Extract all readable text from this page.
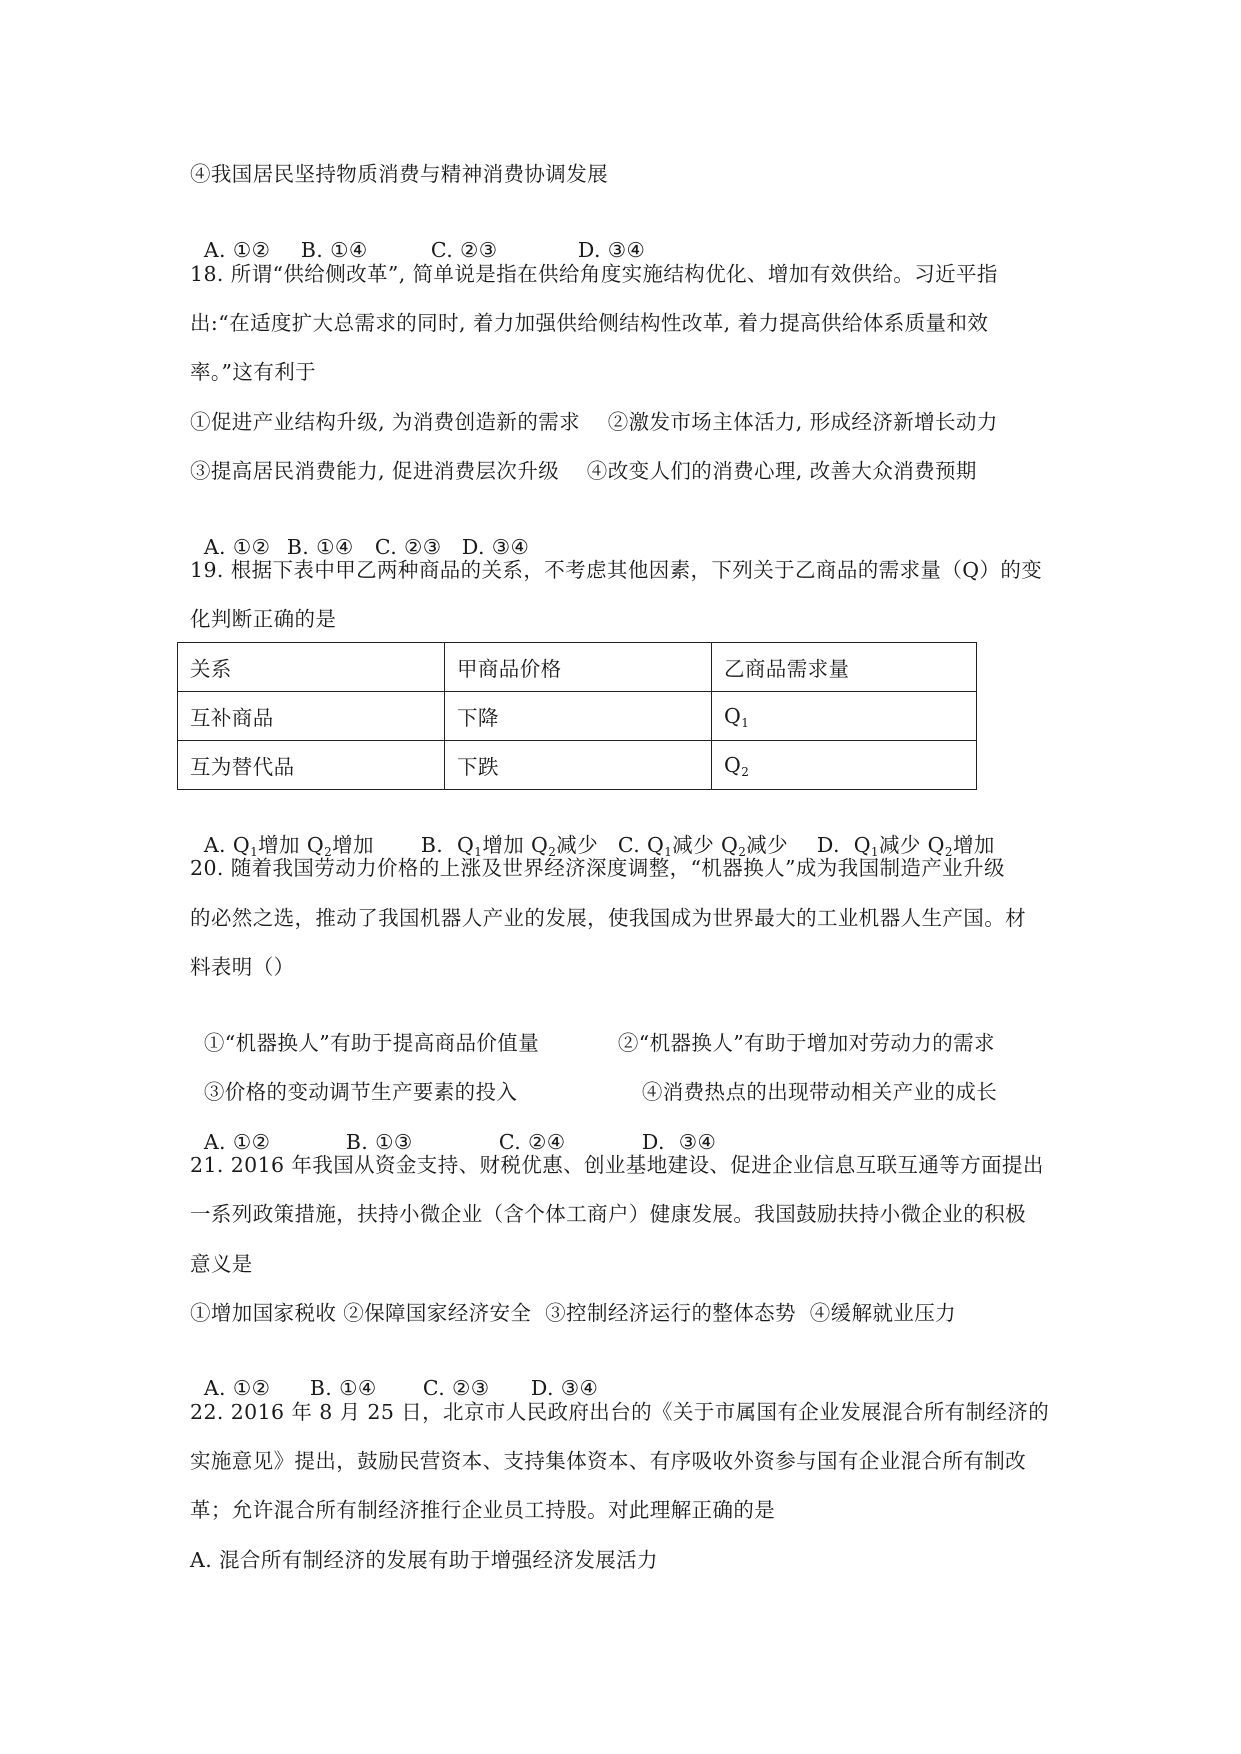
④我国居民坚持物质消费与精神消费协调发展

A. ①② B. ①④	C. ②③	D. ③④

18. 所谓“供给侧改革”, 简单说是指在供给角度实施结构优化、增加有效供给。习近平指
出:“在适度扩大总需求的同时, 着力加强供给侧结构性改革, 着力提高供给体系质量和效
率。”这有利于
①促进产业结构升级, 为消费创造新的需求    ②激发市场主体活力, 形成经济新增长动力
③提高居民消费能力, 促进消费层次升级    ④改变人们的消费心理, 改善大众消费预期

A. ①② B. ①④ C. ②③ D. ③④

19. 根据下表中甲乙两种商品的关系，不考虑其他因素，下列关于乙商品的需求量（Q）的变
化判断正确的是
关系	甲商品价格	乙商品需求量
互补商品	下降	$Q_1$
互为替代品	下跌	$Q_2$

A. $Q_1$增加 $Q_2$增加 B.  $Q_1$增加 $Q_2$减少 C. $Q_1$减少 $Q_2$减少 D.  $Q_1$减少 $Q_2$增加

20. 随着我国劳动力价格的上涨及世界经济深度调整，“机器换人”成为我国制造产业升级
的必然之选，推动了我国机器人产业的发展，使我国成为世界最大的工业机器人生产国。材
料表明（）

①“机器换人”有助于提高商品价值量	②“机器换人”有助于增加对劳动力的需求

③价格的变动调节生产要素的投入	④消费热点的出现带动相关产业的成长

A. ①②	B. ①③	C. ②④	D.  ③④

21. 2016 年我国从资金支持、财税优惠、创业基地建设、促进企业信息互联互通等方面提出
一系列政策措施，扶持小微企业（含个体工商户）健康发展。我国鼓励扶持小微企业的积极
意义是
①增加国家税收 ②保障国家经济安全  ③控制经济运行的整体态势  ④缓解就业压力

A. ①② B. ①④ C. ②③ D. ③④

22. 2016 年 8 月 25 日，北京市人民政府出台的《关于市属国有企业发展混合所有制经济的
实施意见》提出，鼓励民营资本、支持集体资本、有序吸收外资参与国有企业混合所有制改
革；允许混合所有制经济推行企业员工持股。对此理解正确的是
A. 混合所有制经济的发展有助于增强经济发展活力
